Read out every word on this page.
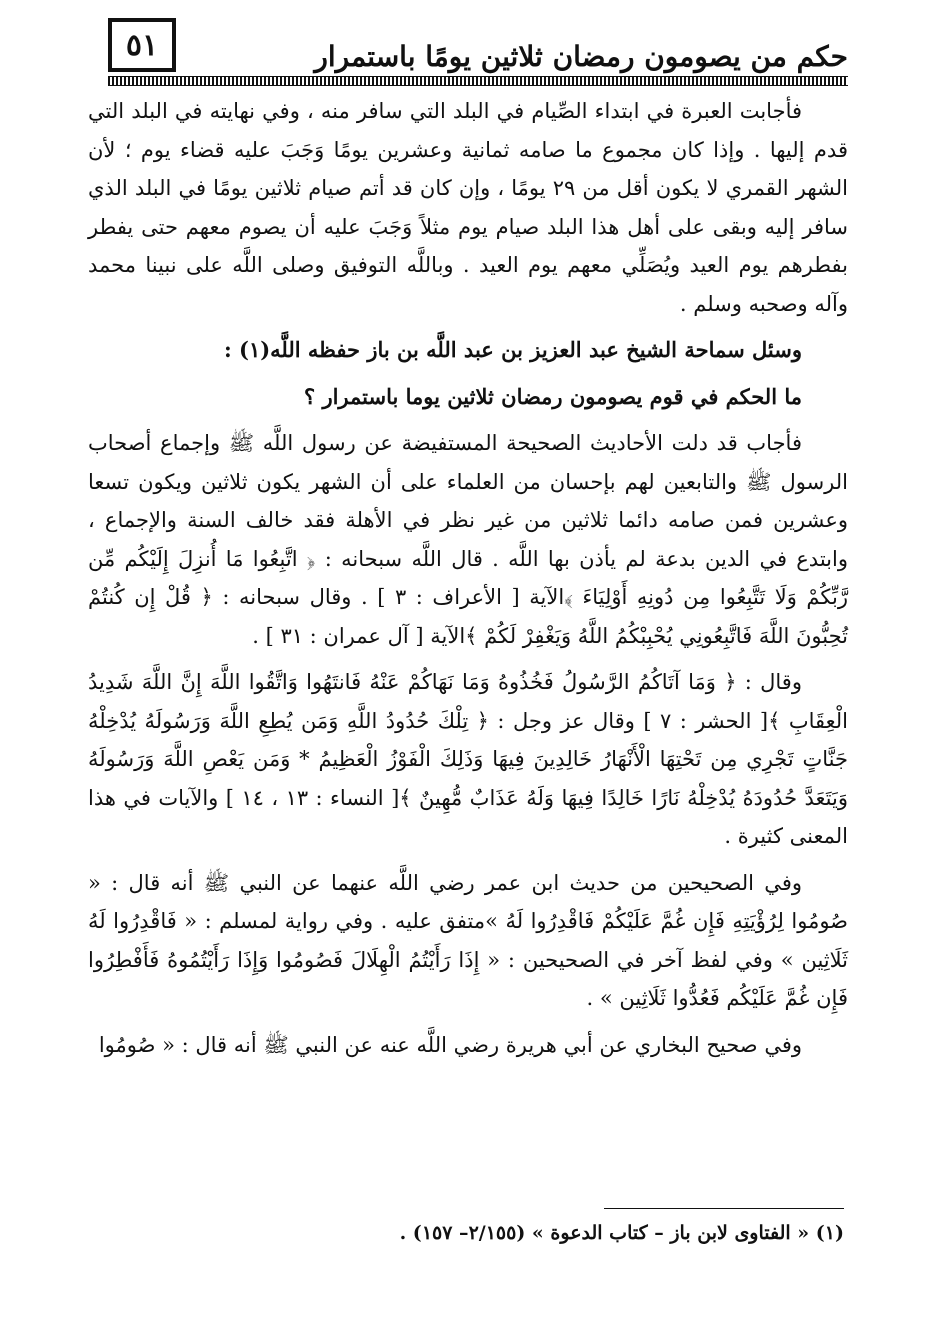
٥١	حكم من يصومون رمضان ثلاثين يومًا باستمرار

فأجابت العبرة في ابتداء الصِّيام في البلد التي سافر منه ، وفي نهايته في البلد التي قدم إليها . وإذا كان مجموع ما صامه ثمانية وعشرين يومًا وَجَبَ عليه قضاء يوم ؛ لأن الشهر القمري لا يكون أقل من ٢٩ يومًا ، وإن كان قد أتم صيام ثلاثين يومًا في البلد الذي سافر إليه وبقى على أهل هذا البلد صيام يوم مثلاً وَجَبَ عليه أن يصوم معهم حتى يفطر بفطرهم يوم العيد ويُصَلِّي معهم يوم العيد . وباللَّه التوفيق وصلى اللَّه على نبينا محمد وآله وصحبه وسلم .

وسئل سماحة الشيخ عبد العزيز بن عبد اللَّه بن باز حفظه اللَّه(١) :

ما الحكم في قوم يصومون رمضان ثلاثين يوما باستمرار ؟

فأجاب قد دلت الأحاديث الصحيحة المستفيضة عن رسول اللَّه ﷺ وإجماع أصحاب الرسول ﷺ والتابعين لهم بإحسان من العلماء على أن الشهر يكون ثلاثين ويكون تسعا وعشرين فمن صامه دائما ثلاثين من غير نظر في الأهلة فقد خالف السنة والإجماع ، وابتدع في الدين بدعة لم يأذن بها اللَّه . قال اللَّه سبحانه : ﴿ اتَّبِعُوا مَا أُنزِلَ إِلَيْكُم مِّن رَّبِّكُمْ وَلَا تَتَّبِعُوا مِن دُونِهِ أَوْلِيَاءَ ﴾الآية [ الأعراف : ٣ ] . وقال سبحانه : ﴿ قُلْ إِن كُنتُمْ تُحِبُّونَ اللَّهَ فَاتَّبِعُونِي يُحْبِبْكُمُ اللَّهُ وَيَغْفِرْ لَكُمْ ﴾الآية [ آل عمران : ٣١ ] .

وقال : ﴿ وَمَا آتَاكُمُ الرَّسُولُ فَخُذُوهُ وَمَا نَهَاكُمْ عَنْهُ فَانتَهُوا وَاتَّقُوا اللَّهَ إِنَّ اللَّهَ شَدِيدُ الْعِقَابِ ﴾[ الحشر : ٧ ] وقال عز وجل : ﴿ تِلْكَ حُدُودُ اللَّهِ وَمَن يُطِعِ اللَّهَ وَرَسُولَهُ يُدْخِلْهُ جَنَّاتٍ تَجْرِي مِن تَحْتِهَا الْأَنْهَارُ خَالِدِينَ فِيهَا وَذَلِكَ الْفَوْزُ الْعَظِيمُ * وَمَن يَعْصِ اللَّهَ وَرَسُولَهُ وَيَتَعَدَّ حُدُودَهُ يُدْخِلْهُ نَارًا خَالِدًا فِيهَا وَلَهُ عَذَابٌ مُّهِينٌ ﴾[ النساء : ١٣ ، ١٤ ] والآيات في هذا المعنى كثيرة .

وفي الصحيحين من حديث ابن عمر رضي اللَّه عنهما عن النبي ﷺ أنه قال : « صُومُوا لِرُؤْيَتِهِ فَإِن غُمَّ عَلَيْكُمْ فَاقْدِرُوا لَهُ »متفق عليه . وفي رواية لمسلم : « فَاقْدِرُوا لَهُ ثَلَاثِين » وفي لفظ آخر في الصحيحين : « إِذَا رَأَيْتُمُ الْهِلَالَ فَصُومُوا وَإِذَا رَأَيْتُمُوهُ فَأَفْطِرُوا فَإِن غُمَّ عَلَيْكُم فَعُدُّوا ثَلَاثِين » .

وفي صحيح البخاري عن أبي هريرة رضي اللَّه عنه عن النبي ﷺ أنه قال : « صُومُوا

(١) « الفتاوى لابن باز – كتاب الدعوة » (٢/١٥٥– ١٥٧) .
